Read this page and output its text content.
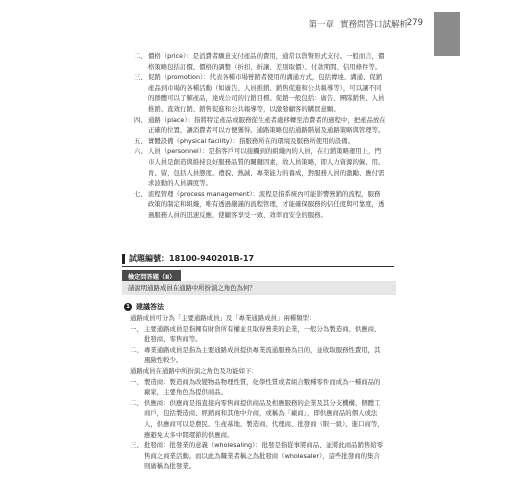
第一章 實務問答口試解析
279
二、 價格（price）：是消費者願意支付產品的費用，通常以貨幣形式支付。一般而言，價格策略包括訂價、價格的調整（折扣、折讓、差別取價）、付款期間、信用條件等。
三、 促銷（promotion）：代表各種市場營銷者使用的溝通方式，包括傳達、溝通、促銷產品到市場的各種活動（如廣告、人員推銷、銷售促進和公共報導等），可以讓不同的群體可以了解產品，達成公司的行銷目標。促銷一般包括：廣告、團隊銷售、人員推銷、直效行銷、銷售促進和公共報導等，以激發顧客的購買意願。
四、 通路（place）：指將特定產品或服務從生產者處移轉至消費者的過程中，把產品放在正確的位置，讓消費者可以方便獲得。通路策略包括通路階層及通路策略與管理等。
五、 實體設備（physical facility）：指服務所在的環境及服務所使用的設備。
六、 人員（personnel）：是指客戶可以接觸到的組織內的人員，在行銷策略運用上，門市人員是創造與維持良好服務品質的關鍵因素，故人員策略，即人力資源的僱、用、育、留，包括人員態度、禮貌、熱誠、專業能力的養成，對服務人員的激勵、應付需求波動的人員調度等。
七、 流程管理（process management）：流程是指系統內可能影響營銷的流程，服務政策的制定和組織，唯有透過嚴謹的流程管理，才能確保服務的信任度與可靠度，透過服務人員的迅速反應，使顧客享受一致、效率而安全的服務。
試題編號：18100-940201B-17
檢定問答題（Ⅱ）
請說明通路成員在通路中所扮演之角色為何？
1 建議答法
通路成員可分為「主要通路成員」及「專業通路成員」兩種類型：
一、 主要通路成員是指擁有財貨所有權並且取得營業的企業，一般分為製造商、供應商、批發商、零售商等。
二、 專業通路成員是指為主要通路成員提供專業流通服務為目的，並收取服務性費用，其風險性較少。
通路成員在通路中所扮演之角色及功能如下：
一、 製造商：製造商為改變物品物理性質，化學性質或者組合數種零件而成為一種商品的廠家，主要角色為提供商品。
二、 供應商：供應商是指直接向零售商提供商品及相應服務的企業及其分支機構、個體工商戶，包括製造商、經銷商和其他中介商，或稱為「廠商」，即供應商品的個人或法人，供應商可以是農民、生產基地、製造商、代理商、批發商（限一級）、進口商等，應避免太多中間環節的供應商。
三、 批發商：批發業的意義（wholesaling）：批發是指從事將商品、並將此商品銷售給零售商之商業活動。而以此為職業者稱之為批發商（wholesaler），這些批發商的集合則廣稱為批發業。
